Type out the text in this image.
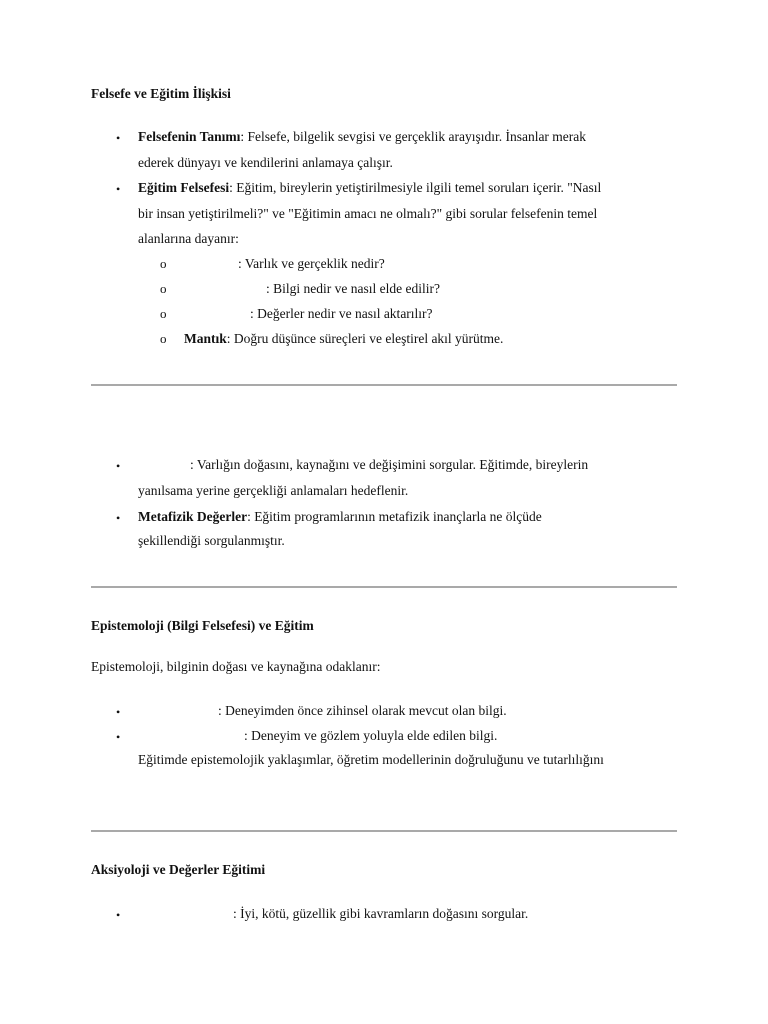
Felsefe ve Eğitim İlişkisi
• Felsefenin Tanımı: Felsefe, bilgelik sevgisi ve gerçeklik arayışıdır. İnsanlar merak
ederek dünyayı ve kendilerini anlamaya çalışır.
• Eğitim Felsefesi: Eğitim, bireylerin yetiştirilmesiyle ilgili temel soruları içerir. "Nasıl
bir insan yetiştirilmeli?" ve "Eğitimin amacı ne olmalı?" gibi sorular felsefenin temel
alanlarına dayanır:
o	: Varlık ve gerçeklik nedir?
o	: Bilgi nedir ve nasıl elde edilir?
o	: Değerler nedir ve nasıl aktarılır?
o Mantık: Doğru düşünce süreçleri ve eleştirel akıl yürütme.
•	: Varlığın doğasını, kaynağını ve değişimini sorgular. Eğitimde, bireylerin
yanılsama yerine gerçekliği anlamaları hedeflenir.
• Metafizik Değerler: Eğitim programlarının metafizik inançlarla ne ölçüde
şekillendiği sorgulanmıştır.
Epistemoloji (Bilgi Felsefesi) ve Eğitim
Epistemoloji, bilginin doğası ve kaynağına odaklanır:
•	: Deneyimden önce zihinsel olarak mevcut olan bilgi.
•	: Deneyim ve gözlem yoluyla elde edilen bilgi.
Eğitimde epistemolojik yaklaşımlar, öğretim modellerinin doğruluğunu ve tutarlılığını
Aksiyoloji ve Değerler Eğitimi
•	: İyi, kötü, güzellik gibi kavramların doğasını sorgular.
